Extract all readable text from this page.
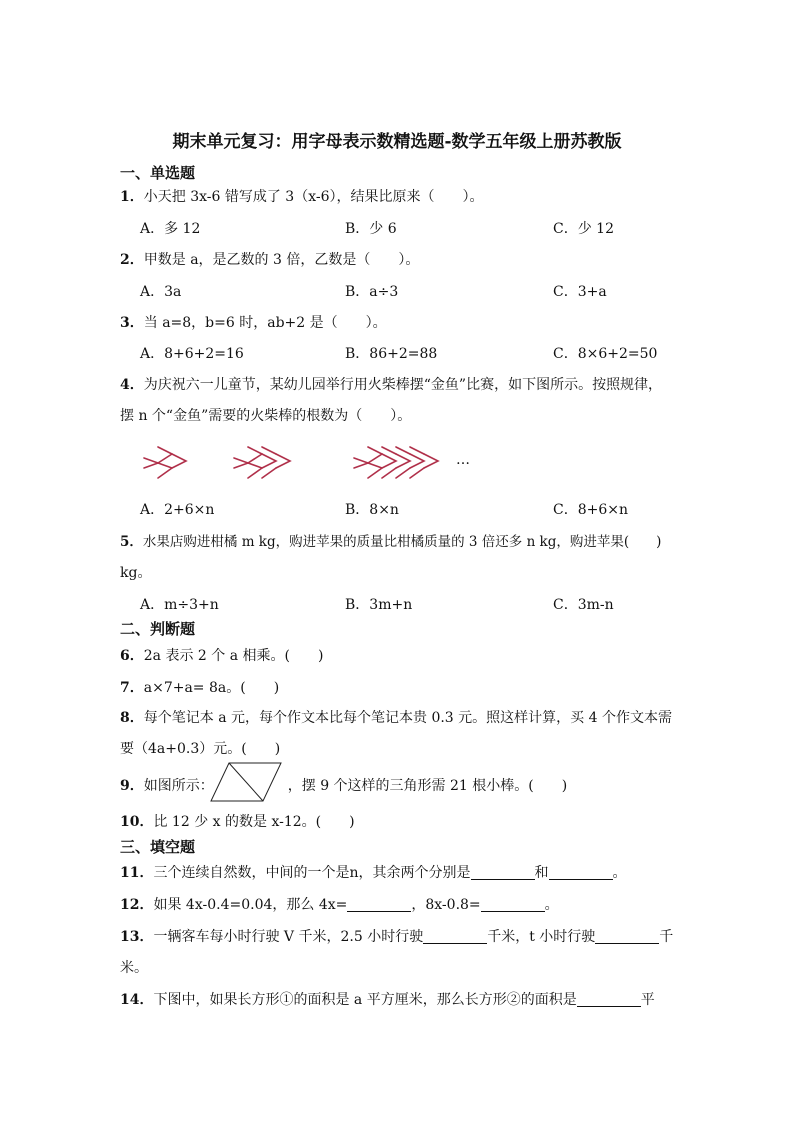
期末单元复习：用字母表示数精选题-数学五年级上册苏教版
一、单选题
1．小天把 3x-6 错写成了 3（x-6），结果比原来（　　）。
A．多 12	B．少 6	C．少 12
2．甲数是 a，是乙数的 3 倍，乙数是（　　）。
A．3a	B．a÷3	C．3+a
3．当 a=8，b=6 时，ab+2 是（　　）。
A．8+6+2=16	B．86+2=88	C．8×6+2=50
4．为庆祝六一儿童节，某幼儿园举行用火柴棒摆“金鱼”比赛，如下图所示。按照规律，
摆 n 个“金鱼”需要的火柴棒的根数为（　　）。
…
A．2+6×n	B．8×n	C．8+6×n
5．水果店购进柑橘 m kg，购进苹果的质量比柑橘质量的 3 倍还多 n kg，购进苹果(　　)
kg。
A．m÷3+n	B．3m+n	C．3m-n
二、判断题
6．2a 表示 2 个 a 相乘。(　　)
7．a×7+a= 8a。(　　)
8．每个笔记本 a 元，每个作文本比每个笔记本贵 0.3 元。照这样计算，买 4 个作文本需
要（4a+0.3）元。(　　)
9．如图所示：	，摆 9 个这样的三角形需 21 根小棒。(　　)
10．比 12 少 x 的数是 x-12。(　　)
三、填空题
11．三个连续自然数，中间的一个是n，其余两个分别是	和	。
12．如果 4x-0.4=0.04，那么 4x=	，8x-0.8=	。
13．一辆客车每小时行驶 V 千米，2.5 小时行驶	千米，t 小时行驶	千
米。
14．下图中，如果长方形①的面积是 a 平方厘米，那么长方形②的面积是	平
